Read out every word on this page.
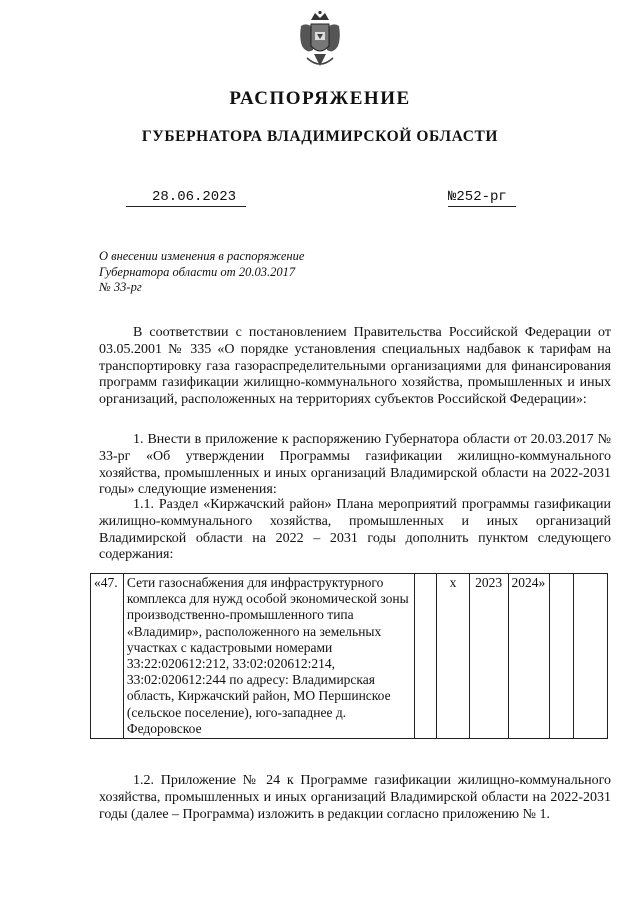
РАСПОРЯЖЕНИЕ
ГУБЕРНАТОРА ВЛАДИМИРСКОЙ ОБЛАСТИ
28.06.2023	№252-рг
О внесении изменения в распоряжение
Губернатора области от 20.03.2017
№ 33-рг
В соответствии с постановлением Правительства Российской Федерации от 03.05.2001 № 335 «О порядке установления специальных надбавок к тарифам на транспортировку газа газораспределительными организациями для финансирования программ газификации жилищно-коммунального хозяйства, промышленных и иных организаций, расположенных на территориях субъектов Российской Федерации»:
1. Внести в приложение к распоряжению Губернатора области от 20.03.2017 № 33-рг «Об утверждении Программы газификации жилищно-коммунального хозяйства, промышленных и иных организаций Владимирской области на 2022-2031 годы» следующие изменения:
1.1. Раздел «Киржачский район» Плана мероприятий программы газификации жилищно-коммунального хозяйства, промышленных и иных организаций Владимирской области на 2022 – 2031 годы дополнить пунктом следующего содержания:
«47.	Сети газоснабжения для инфраструктурного комплекса для нужд особой экономической зоны производственно-промышленного типа «Владимир», расположенного на земельных участках с кадастровыми номерами 33:22:020612:212, 33:02:020612:214, 33:02:020612:244 по адресу: Владимирская область, Киржачский район, МО Першинское (сельское поселение), юго-западнее д. Федоровское		х	2023	2024»		
1.2. Приложение № 24 к Программе газификации жилищно-коммунального хозяйства, промышленных и иных организаций Владимирской области на 2022-2031 годы (далее – Программа) изложить в редакции согласно приложению № 1.
